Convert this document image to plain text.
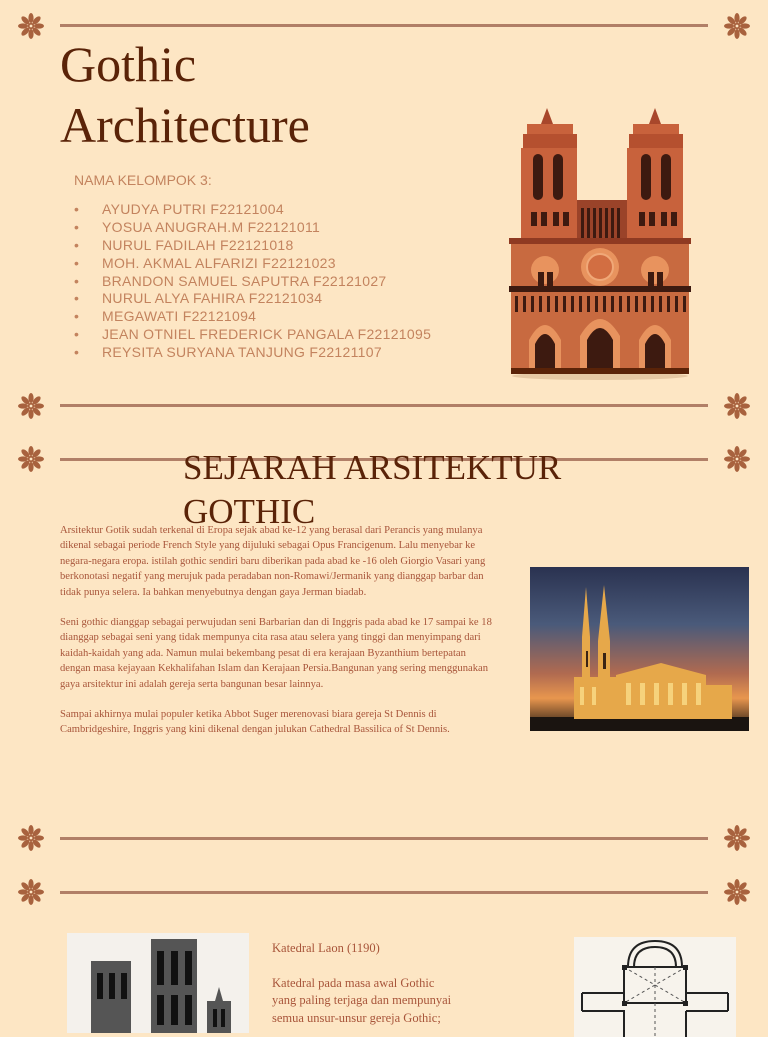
Gothic
Architecture
NAMA KELOMPOK 3:
• AYUDYA PUTRI F22121004
• YOSUA ANUGRAH.M F22121011
• NURUL FADILAH F22121018
• MOH. AKMAL ALFARIZI F22121023
• BRANDON SAMUEL SAPUTRA F22121027
• NURUL ALYA FAHIRA F22121034
• MEGAWATI F22121094
• JEAN OTNIEL FREDERICK PANGALA F22121095
• REYSITA SURYANA TANJUNG F22121107
SEJARAH ARSITEKTUR
GOTHIC

Arsitektur Gotik sudah terkenal di Eropa sejak abad ke-12 yang berasal dari Perancis yang mulanya dikenal sebagai periode French Style yang dijuluki sebagai Opus Francigenum. Lalu menyebar ke negara-negara eropa. istilah gothic sendiri baru diberikan pada abad ke -16 oleh Giorgio Vasari yang berkonotasi negatif yang merujuk pada peradaban non-Romawi/Jermanik yang dianggap barbar dan tidak punya selera. Ia bahkan menyebutnya dengan gaya Jerman biadab.

Seni gothic dianggap sebagai perwujudan seni Barbarian dan di Inggris pada abad ke 17 sampai ke 18 dianggap sebagai seni yang tidak mempunya cita rasa atau selera yang tinggi dan menyimpang dari kaidah-kaidah yang ada. Namun mulai bekembang pesat di era kerajaan Byzanthium bertepatan dengan masa kejayaan Kekhalifahan Islam dan Kerajaan Persia.Bangunan yang sering menggunakan gaya arsitektur ini adalah gereja serta bangunan besar lainnya.

Sampai akhirnya mulai populer ketika Abbot Suger merenovasi biara gereja St Dennis di Cambridgeshire, Inggris yang kini dikenal dengan julukan Cathedral Bassilica of St Dennis.

Katedral Laon (1190)
Katedral pada masa awal Gothic
yang paling terjaga dan mempunyai
semua unsur-unsur gereja Gothic;
